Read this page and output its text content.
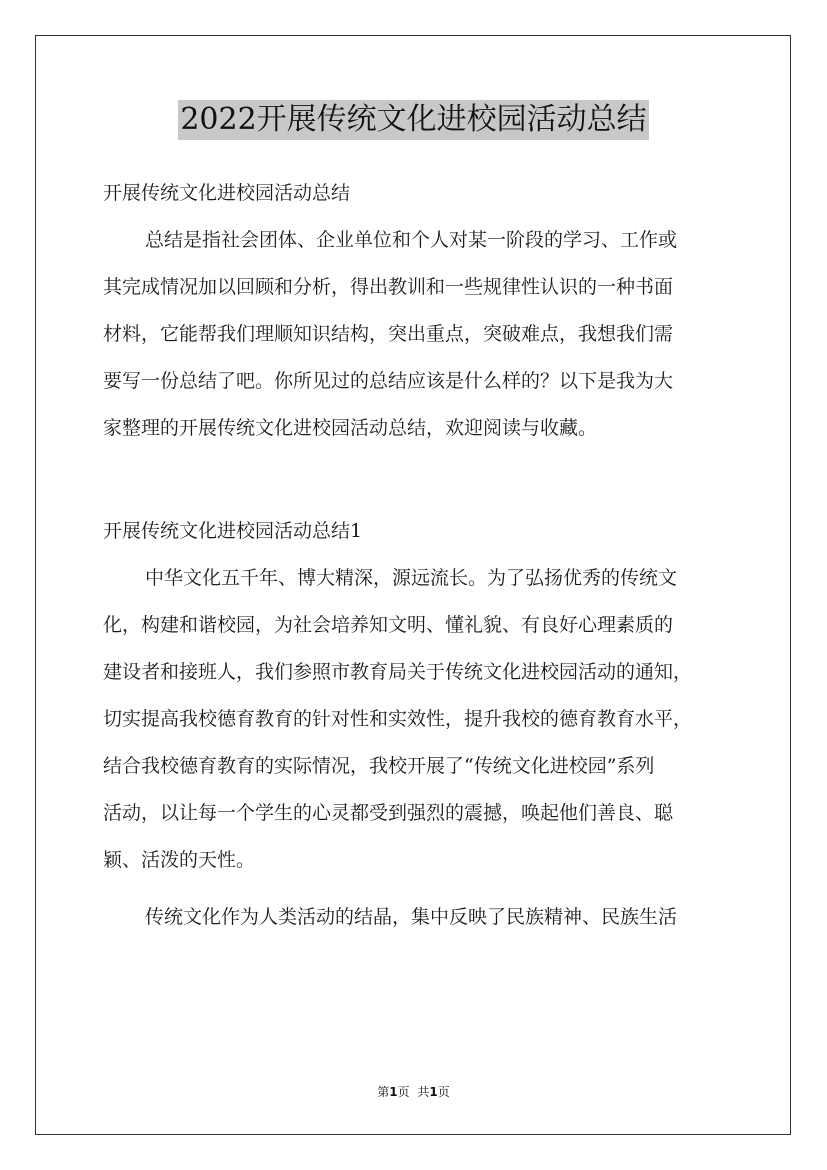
2022开展传统文化进校园活动总结
开展传统文化进校园活动总结
总结是指社会团体、企业单位和个人对某一阶段的学习、工作或
其完成情况加以回顾和分析，得出教训和一些规律性认识的一种书面
材料，它能帮我们理顺知识结构，突出重点，突破难点，我想我们需
要写一份总结了吧。你所见过的总结应该是什么样的？以下是我为大
家整理的开展传统文化进校园活动总结，欢迎阅读与收藏。
开展传统文化进校园活动总结1
中华文化五千年、博大精深，源远流长。为了弘扬优秀的传统文
化，构建和谐校园，为社会培养知文明、懂礼貌、有良好心理素质的
建设者和接班人，我们参照市教育局关于传统文化进校园活动的通知，
切实提高我校德育教育的针对性和实效性，提升我校的德育教育水平，
结合我校德育教育的实际情况，我校开展了“传统文化进校园”系列
活动，以让每一个学生的心灵都受到强烈的震撼，唤起他们善良、聪
颖、活泼的天性。
传统文化作为人类活动的结晶，集中反映了民族精神、民族生活
第1页 共1页
